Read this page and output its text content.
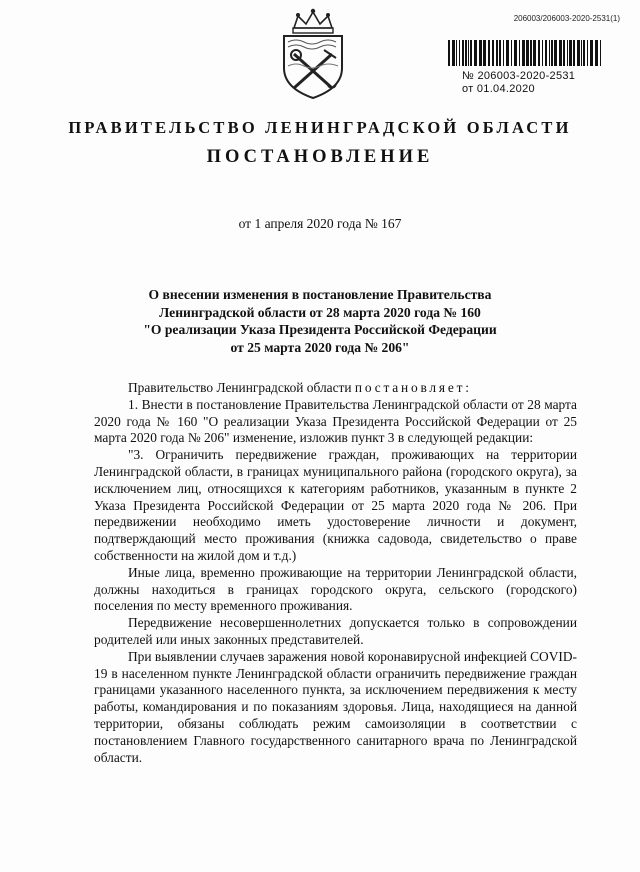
206003/206003-2020-2531(1)
№ 206003-2020-2531
от 01.04.2020
ПРАВИТЕЛЬСТВО ЛЕНИНГРАДСКОЙ ОБЛАСТИ
ПОСТАНОВЛЕНИЕ
от 1 апреля 2020 года № 167
О внесении изменения в постановление Правительства
Ленинградской области от 28 марта 2020 года № 160
"О реализации Указа Президента Российской Федерации
от 25 марта 2020 года № 206"

Правительство Ленинградской области постановляет:

1. Внести в постановление Правительства Ленинградской области от 28 марта 2020 года № 160 "О реализации Указа Президента Российской Федерации от 25 марта 2020 года № 206" изменение, изложив пункт 3 в следующей редакции:

"3. Ограничить передвижение граждан, проживающих на территории Ленинградской области, в границах муниципального района (городского округа), за исключением лиц, относящихся к категориям работников, указанным в пункте 2 Указа Президента Российской Федерации от 25 марта 2020 года № 206. При передвижении необходимо иметь удостоверение личности и документ, подтверждающий место проживания (книжка садовода, свидетельство о праве собственности на жилой дом и т.д.)

Иные лица, временно проживающие на территории Ленинградской области, должны находиться в границах городского округа, сельского (городского) поселения по месту временного проживания.

Передвижение несовершеннолетних допускается только в сопровождении родителей или иных законных представителей.

При выявлении случаев заражения новой коронавирусной инфекцией COVID-19 в населенном пункте Ленинградской области ограничить передвижение граждан границами указанного населенного пункта, за исключением передвижения к месту работы, командирования и по показаниям здоровья. Лица, находящиеся на данной территории, обязаны соблюдать режим самоизоляции в соответствии с постановлением Главного государственного санитарного врача по Ленинградской области.
